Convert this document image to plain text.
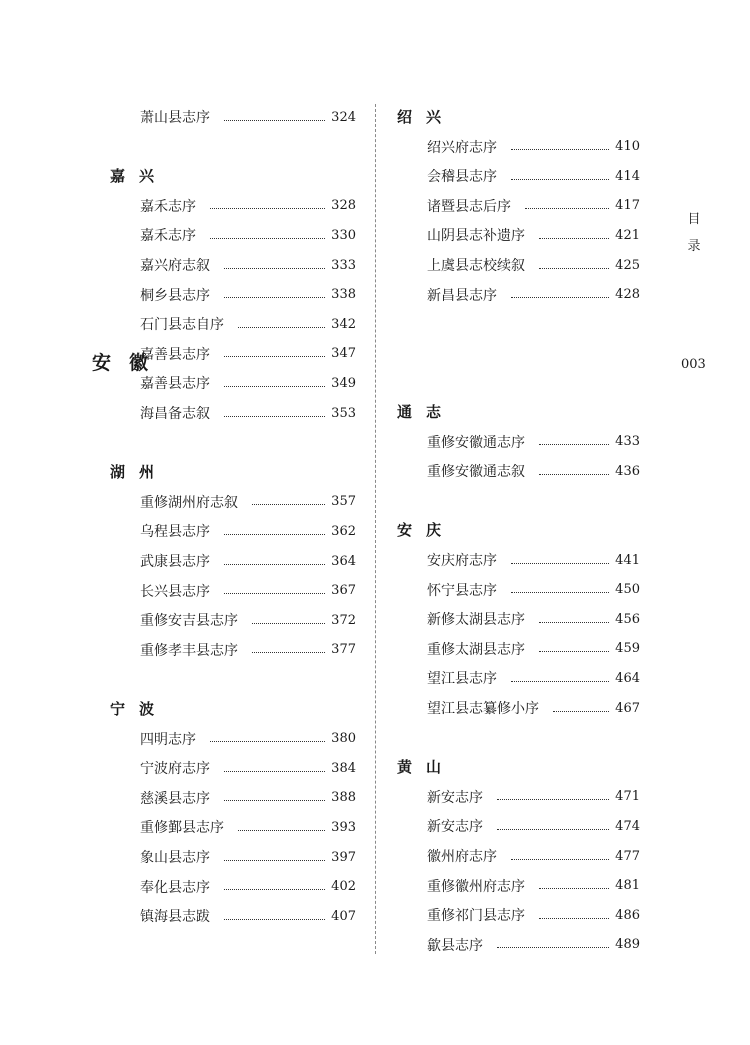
萧山县志序	324
嘉兴
嘉禾志序	328
嘉禾志序	330
嘉兴府志叙	333
桐乡县志序	338
石门县志自序	342
嘉善县志序	347
嘉善县志序	349
海昌备志叙	353
湖州
重修湖州府志叙	357
乌程县志序	362
武康县志序	364
长兴县志序	367
重修安吉县志序	372
重修孝丰县志序	377
宁波
四明志序	380
宁波府志序	384
慈溪县志序	388
重修鄞县志序	393
象山县志序	397
奉化县志序	402
镇海县志跋	407
绍兴
绍兴府志序	410
会稽县志序	414
诸暨县志后序	417
山阴县志补遗序	421
上虞县志校续叙	425
新昌县志序	428
通志
重修安徽通志序	433
重修安徽通志叙	436
安庆
安庆府志序	441
怀宁县志序	450
新修太湖县志序	456
重修太湖县志序	459
望江县志序	464
望江县志纂修小序	467
黄山
新安志序	471
新安志序	474
徽州府志序	477
重修徽州府志序	481
重修祁门县志序	486
歙县志序	489
安徽
目录
003
